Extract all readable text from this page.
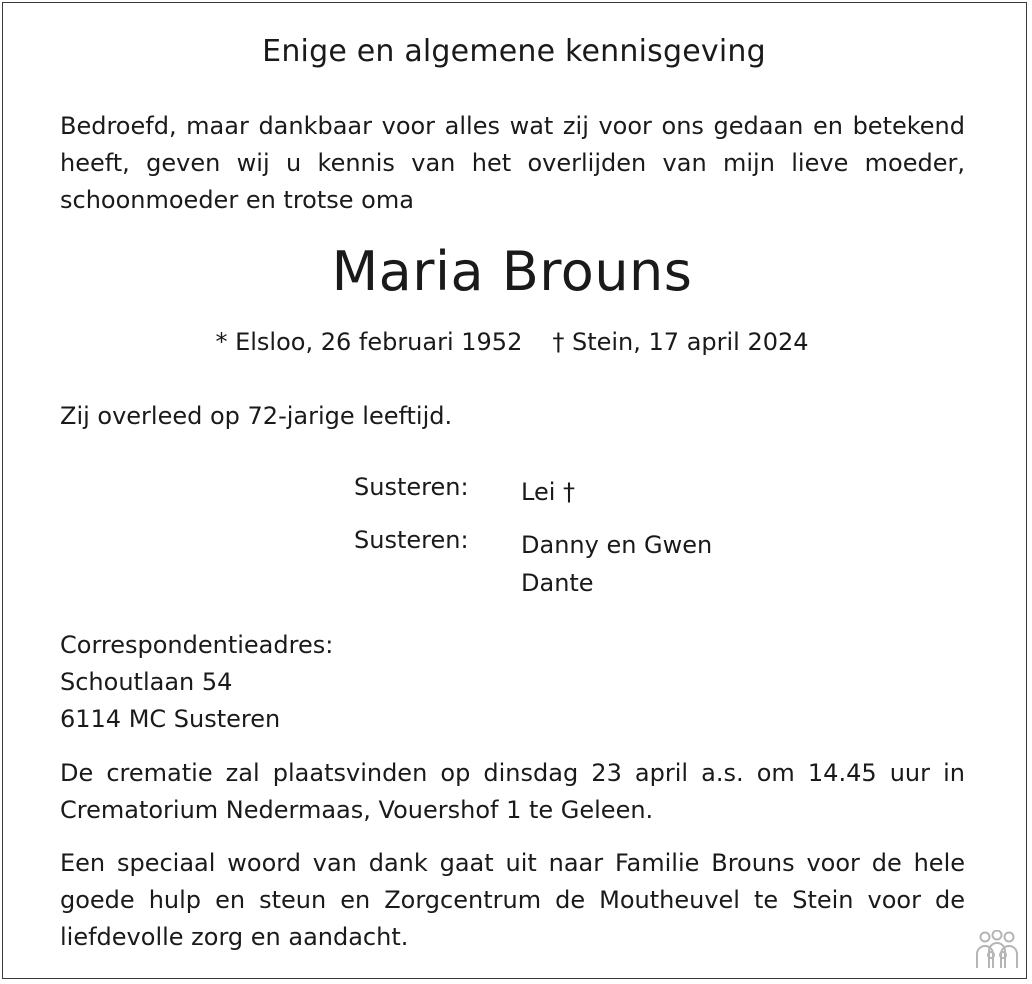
Enige en algemene kennisgeving
Bedroefd, maar dankbaar voor alles wat zij voor ons gedaan en betekend heeft, geven wij u kennis van het overlijden van mijn lieve moeder, schoonmoeder en trotse oma
Maria Brouns
* Elsloo, 26 februari 1952 † Stein, 17 april 2024
Zij overleed op 72-jarige leeftijd.
Susteren: Lei †
Susteren: Danny en Gwen
Dante
Correspondentieadres:
Schoutlaan 54
6114 MC Susteren
De crematie zal plaatsvinden op dinsdag 23 april a.s. om 14.45 uur in Crematorium Nedermaas, Vouershof 1 te Geleen.
Een speciaal woord van dank gaat uit naar Familie Brouns voor de hele goede hulp en steun en Zorgcentrum de Moutheuvel te Stein voor de liefdevolle zorg en aandacht.
